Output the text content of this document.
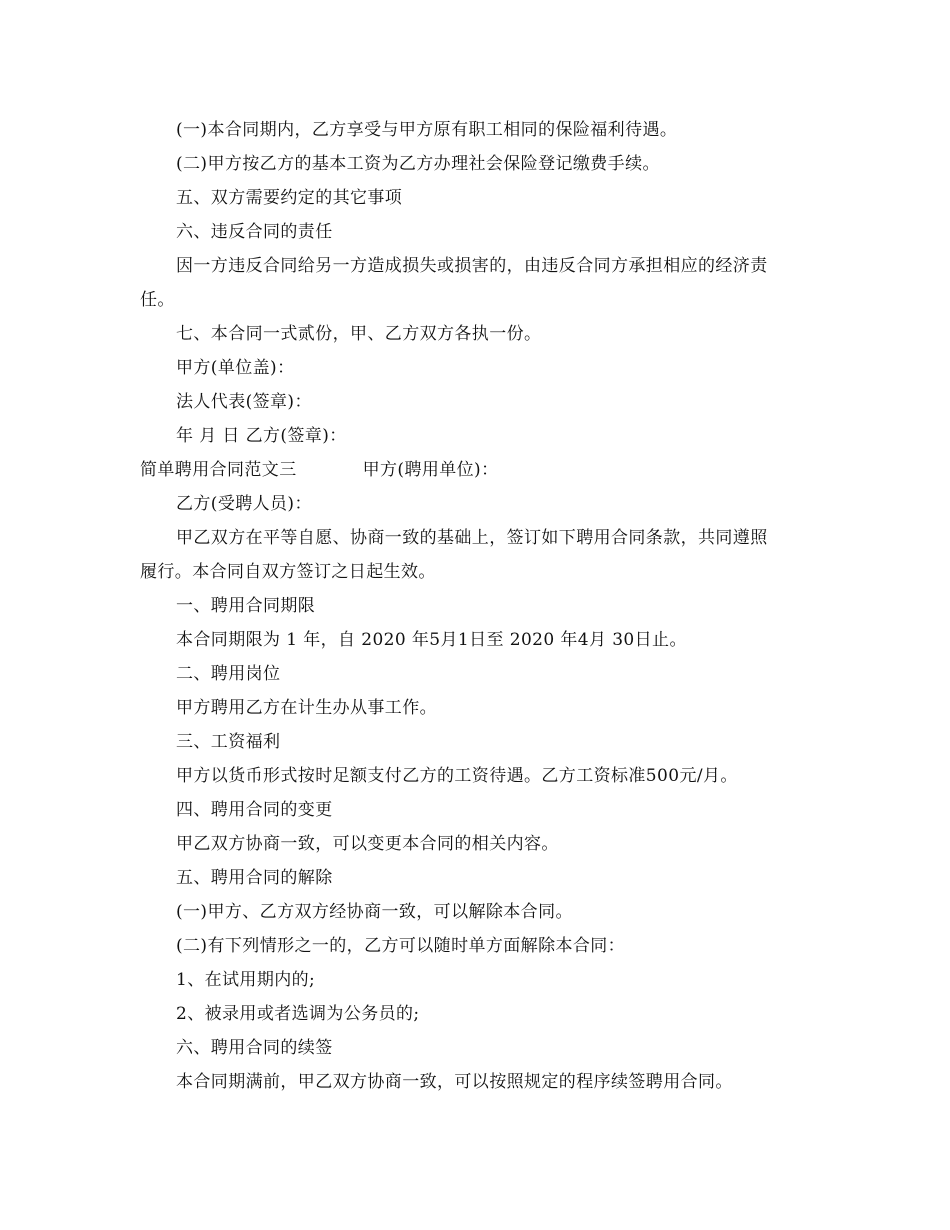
(一)本合同期内，乙方享受与甲方原有职工相同的保险福利待遇。
(二)甲方按乙方的基本工资为乙方办理社会保险登记缴费手续。
五、双方需要约定的其它事项
六、违反合同的责任
因一方违反合同给另一方造成损失或损害的，由违反合同方承担相应的经济责
任。
七、本合同一式贰份，甲、乙方双方各执一份。
甲方(单位盖)：
法人代表(签章)：
年 月 日 乙方(签章)：
简单聘用合同范文三	甲方(聘用单位)：
乙方(受聘人员)：
甲乙双方在平等自愿、协商一致的基础上，签订如下聘用合同条款，共同遵照
履行。本合同自双方签订之日起生效。
一、聘用合同期限
本合同期限为 1 年，自 2020 年5月1日至 2020 年4月 30日止。
二、聘用岗位
甲方聘用乙方在计生办从事工作。
三、工资福利
甲方以货币形式按时足额支付乙方的工资待遇。乙方工资标准500元/月。
四、聘用合同的变更
甲乙双方协商一致，可以变更本合同的相关内容。
五、聘用合同的解除
(一)甲方、乙方双方经协商一致，可以解除本合同。
(二)有下列情形之一的，乙方可以随时单方面解除本合同：
1、在试用期内的;
2、被录用或者选调为公务员的;
六、聘用合同的续签
本合同期满前，甲乙双方协商一致，可以按照规定的程序续签聘用合同。
